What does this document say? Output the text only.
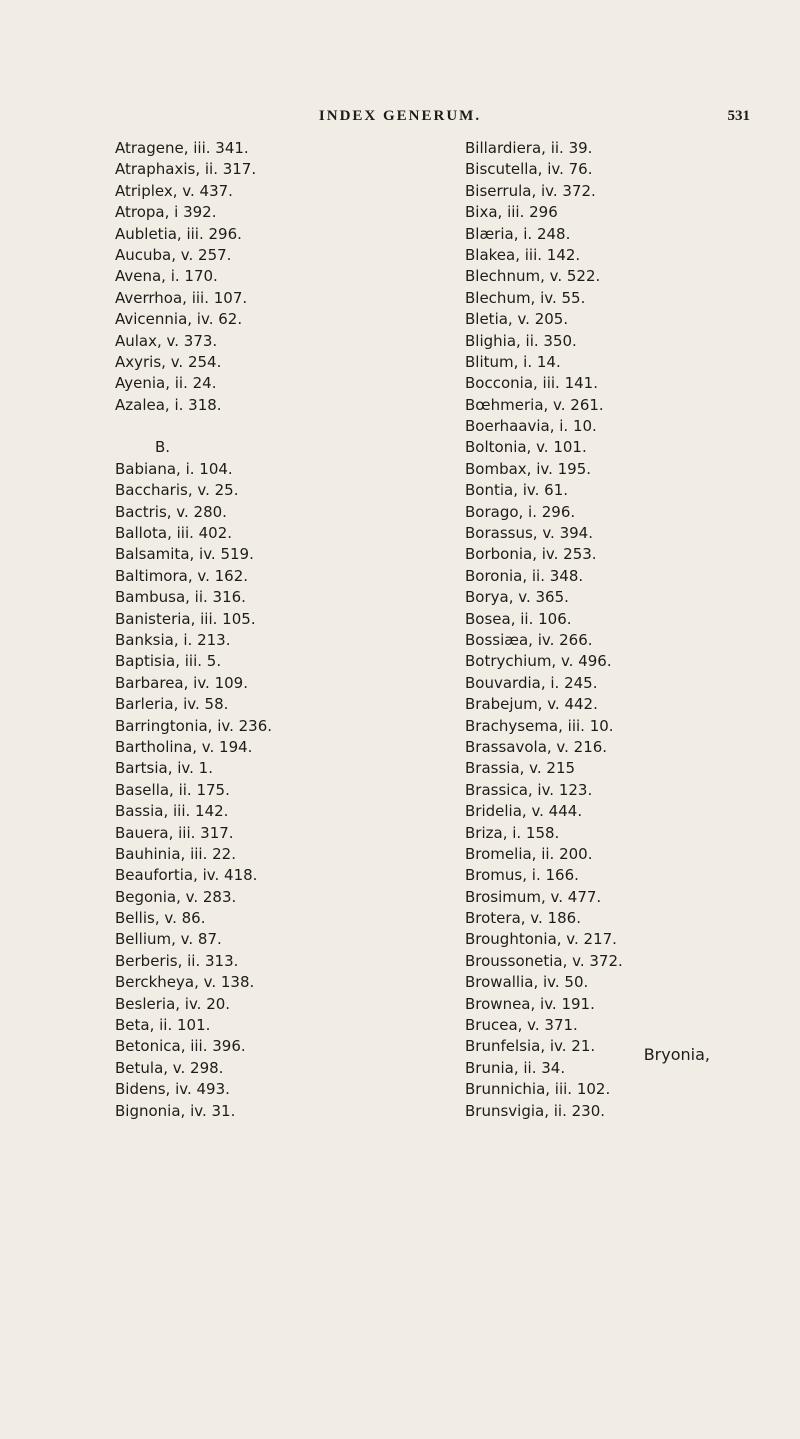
INDEX GENERUM.	531
Atragene, iii. 341.
Atraphaxis, ii. 317.
Atriplex, v. 437.
Atropa, i 392.
Aubletia, iii. 296.
Aucuba, v. 257.
Avena, i. 170.
Averrhoa, iii. 107.
Avicennia, iv. 62.
Aulax, v. 373.
Axyris, v. 254.
Ayenia, ii. 24.
Azalea, i. 318.
B.
Babiana, i. 104.
Baccharis, v. 25.
Bactris, v. 280.
Ballota, iii. 402.
Balsamita, iv. 519.
Baltimora, v. 162.
Bambusa, ii. 316.
Banisteria, iii. 105.
Banksia, i. 213.
Baptisia, iii. 5.
Barbarea, iv. 109.
Barleria, iv. 58.
Barringtonia, iv. 236.
Bartholina, v. 194.
Bartsia, iv. 1.
Basella, ii. 175.
Bassia, iii. 142.
Bauera, iii. 317.
Bauhinia, iii. 22.
Beaufortia, iv. 418.
Begonia, v. 283.
Bellis, v. 86.
Bellium, v. 87.
Berberis, ii. 313.
Berckheya, v. 138.
Besleria, iv. 20.
Beta, ii. 101.
Betonica, iii. 396.
Betula, v. 298.
Bidens, iv. 493.
Bignonia, iv. 31.
Billardiera, ii. 39.
Biscutella, iv. 76.
Biserrula, iv. 372.
Bixa, iii. 296
Blæria, i. 248.
Blakea, iii. 142.
Blechnum, v. 522.
Blechum, iv. 55.
Bletia, v. 205.
Blighia, ii. 350.
Blitum, i. 14.
Bocconia, iii. 141.
Bœhmeria, v. 261.
Boerhaavia, i. 10.
Boltonia, v. 101.
Bombax, iv. 195.
Bontia, iv. 61.
Borago, i. 296.
Borassus, v. 394.
Borbonia, iv. 253.
Boronia, ii. 348.
Borya, v. 365.
Bosea, ii. 106.
Bossiæa, iv. 266.
Botrychium, v. 496.
Bouvardia, i. 245.
Brabejum, v. 442.
Brachysema, iii. 10.
Brassavola, v. 216.
Brassia, v. 215
Brassica, iv. 123.
Bridelia, v. 444.
Briza, i. 158.
Bromelia, ii. 200.
Bromus, i. 166.
Brosimum, v. 477.
Brotera, v. 186.
Broughtonia, v. 217.
Broussonetia, v. 372.
Browallia, iv. 50.
Brownea, iv. 191.
Brucea, v. 371.
Brunfelsia, iv. 21.
Brunia, ii. 34.
Brunnichia, iii. 102.
Brunsvigia, ii. 230.
Bryonia,
